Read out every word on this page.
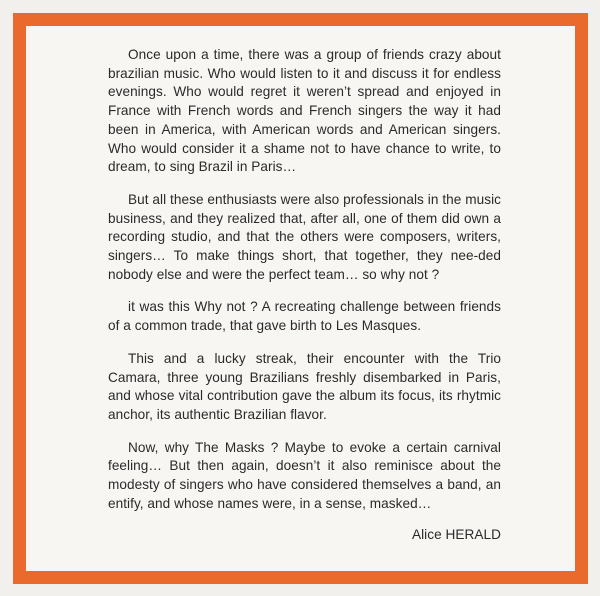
Once upon a time, there was a group of friends crazy about brazilian music. Who would listen to it and discuss it for endless evenings. Who would regret it weren’t spread and enjoyed in France with French words and French singers the way it had been in America, with American words and American singers. Who would consider it a shame not to have chance to write, to dream, to sing Brazil in Paris…

But all these enthusiasts were also professionals in the music business, and they realized that, after all, one of them did own a recording studio, and that the others were composers, writers, singers… To make things short, that together, they nee-ded nobody else and were the perfect team… so why not ?

it was this Why not ? A recreating challenge between friends of a common trade, that gave birth to Les Masques.

This and a lucky streak, their encounter with the Trio Camara, three young Brazilians freshly disembarked in Paris, and whose vital contribution gave the album its focus, its rhytmic anchor, its authentic Brazilian flavor.

Now, why The Masks ? Maybe to evoke a certain carnival feeling… But then again, doesn’t it also reminisce about the modesty of singers who have considered themselves a band, an entify, and whose names were, in a sense, masked…

Alice HERALD
